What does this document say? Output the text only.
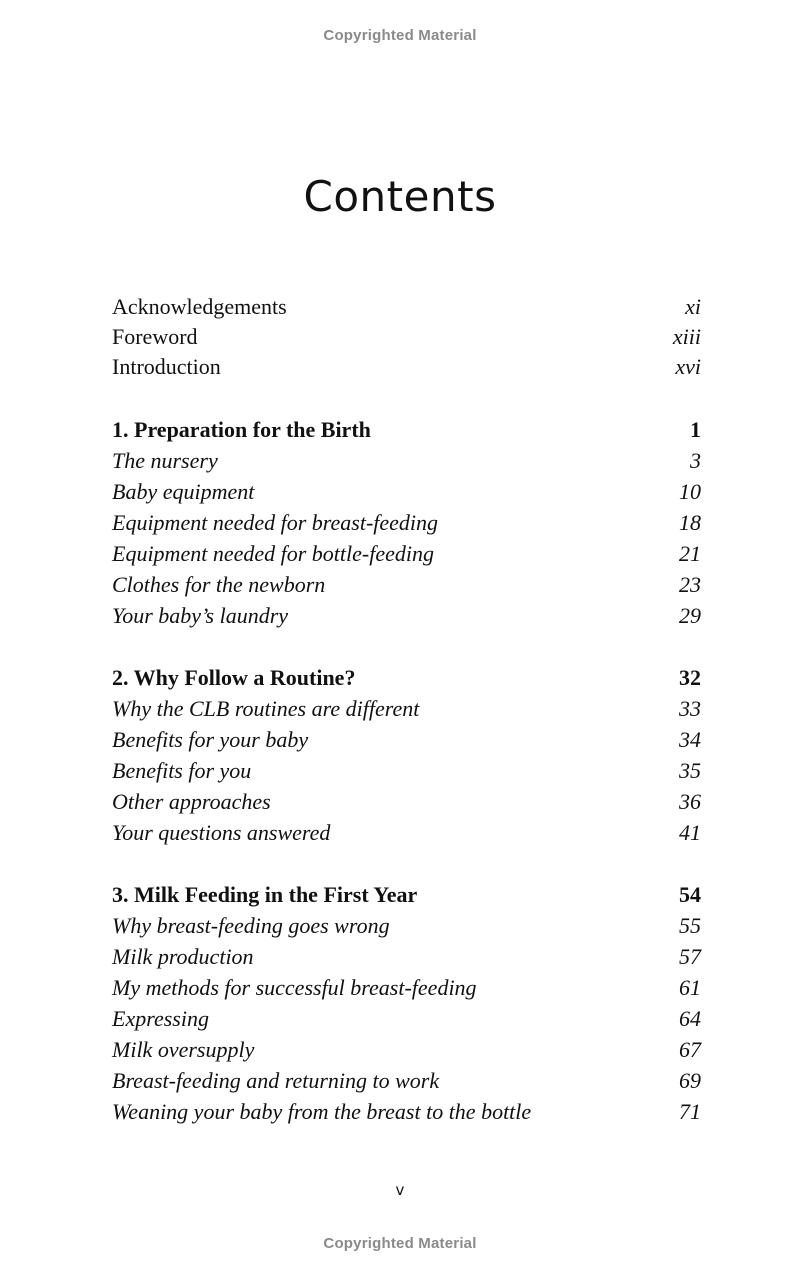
Copyrighted Material
Contents
Acknowledgements	xi
Foreword	xiii
Introduction	xvi
1. Preparation for the Birth	1
The nursery	3
Baby equipment	10
Equipment needed for breast-feeding	18
Equipment needed for bottle-feeding	21
Clothes for the newborn	23
Your baby’s laundry	29
2. Why Follow a Routine?	32
Why the CLB routines are different	33
Benefits for your baby	34
Benefits for you	35
Other approaches	36
Your questions answered	41
3. Milk Feeding in the First Year	54
Why breast-feeding goes wrong	55
Milk production	57
My methods for successful breast-feeding	61
Expressing	64
Milk oversupply	67
Breast-feeding and returning to work	69
Weaning your baby from the breast to the bottle	71
v
Copyrighted Material
